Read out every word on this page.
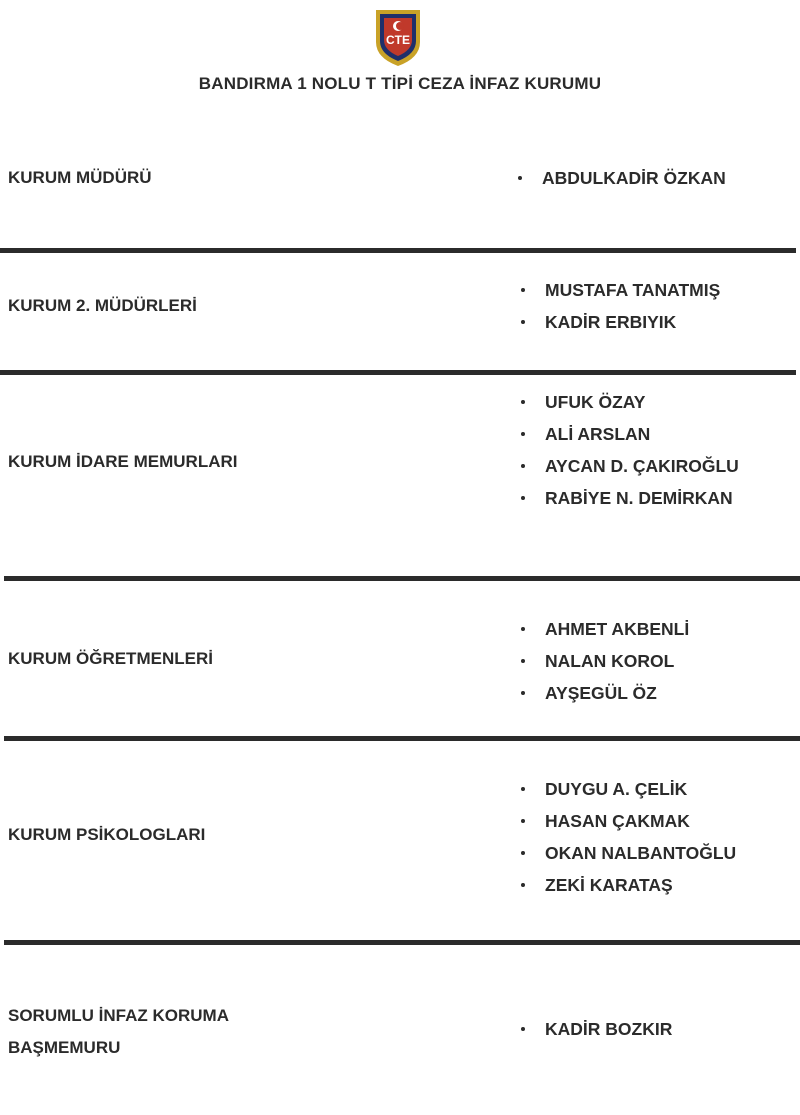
CTE
BANDIRMA 1 NOLU T TİPİ CEZA İNFAZ KURUMU
KURUM MÜDÜRÜ	ABDULKADİR ÖZKAN
KURUM 2. MÜDÜRLERİ
MUSTAFA TANATMIŞ
KADİR ERBIYIK
KURUM İDARE MEMURLARI
UFUK ÖZAY
ALİ ARSLAN
AYCAN D. ÇAKIROĞLU
RABİYE N. DEMİRKAN
KURUM ÖĞRETMENLERİ
AHMET AKBENLİ
NALAN KOROL
AYŞEGÜL ÖZ
KURUM PSİKOLOGLARI
DUYGU A. ÇELİK
HASAN ÇAKMAK
OKAN NALBANTOĞLU
ZEKİ KARATAŞ
SORUMLU İNFAZ KORUMA
BAŞMEMURU
KADİR BOZKIR
